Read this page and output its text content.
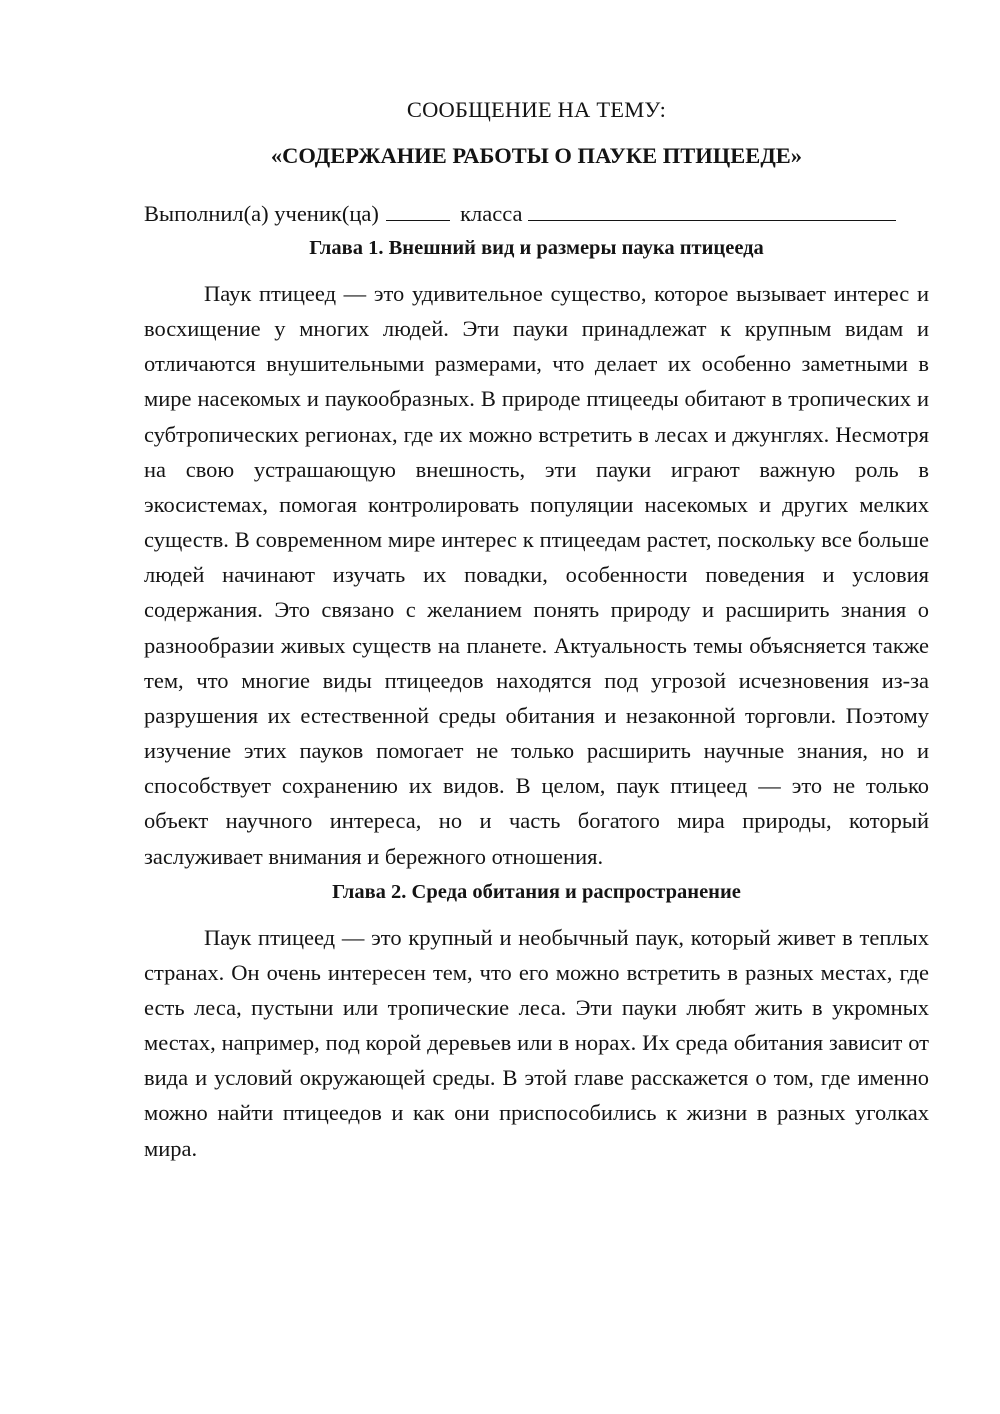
СООБЩЕНИЕ НА ТЕМУ:

«СОДЕРЖАНИЕ РАБОТЫ О ПАУКЕ ПТИЦЕЕДЕ»

Выполнил(а) ученик(ца)	класса

Глава 1. Внешний вид и размеры паука птицееда

Паук птицеед — это удивительное существо, которое вызывает интерес и восхищение у многих людей. Эти пауки принадлежат к крупным видам и отличаются внушительными размерами, что делает их особенно заметными в мире насекомых и паукообразных. В природе птицееды обитают в тропических и субтропических регионах, где их можно встретить в лесах и джунглях. Несмотря на свою устрашающую внешность, эти пауки играют важную роль в экосистемах, помогая контролировать популяции насекомых и других мелких существ. В современном мире интерес к птицеедам растет, поскольку все больше людей начинают изучать их повадки, особенности поведения и условия содержания. Это связано с желанием понять природу и расширить знания о разнообразии живых существ на планете. Актуальность темы объясняется также тем, что многие виды птицеедов находятся под угрозой исчезновения из-за разрушения их естественной среды обитания и незаконной торговли. Поэтому изучение этих пауков помогает не только расширить научные знания, но и способствует сохранению их видов. В целом, паук птицеед — это не только объект научного интереса, но и часть богатого мира природы, который заслуживает внимания и бережного отношения.

Глава 2. Среда обитания и распространение

Паук птицеед — это крупный и необычный паук, который живет в теплых странах. Он очень интересен тем, что его можно встретить в разных местах, где есть леса, пустыни или тропические леса. Эти пауки любят жить в укромных местах, например, под корой деревьев или в норах. Их среда обитания зависит от вида и условий окружающей среды. В этой главе расскажется о том, где именно можно найти птицеедов и как они приспособились к жизни в разных уголках мира.
